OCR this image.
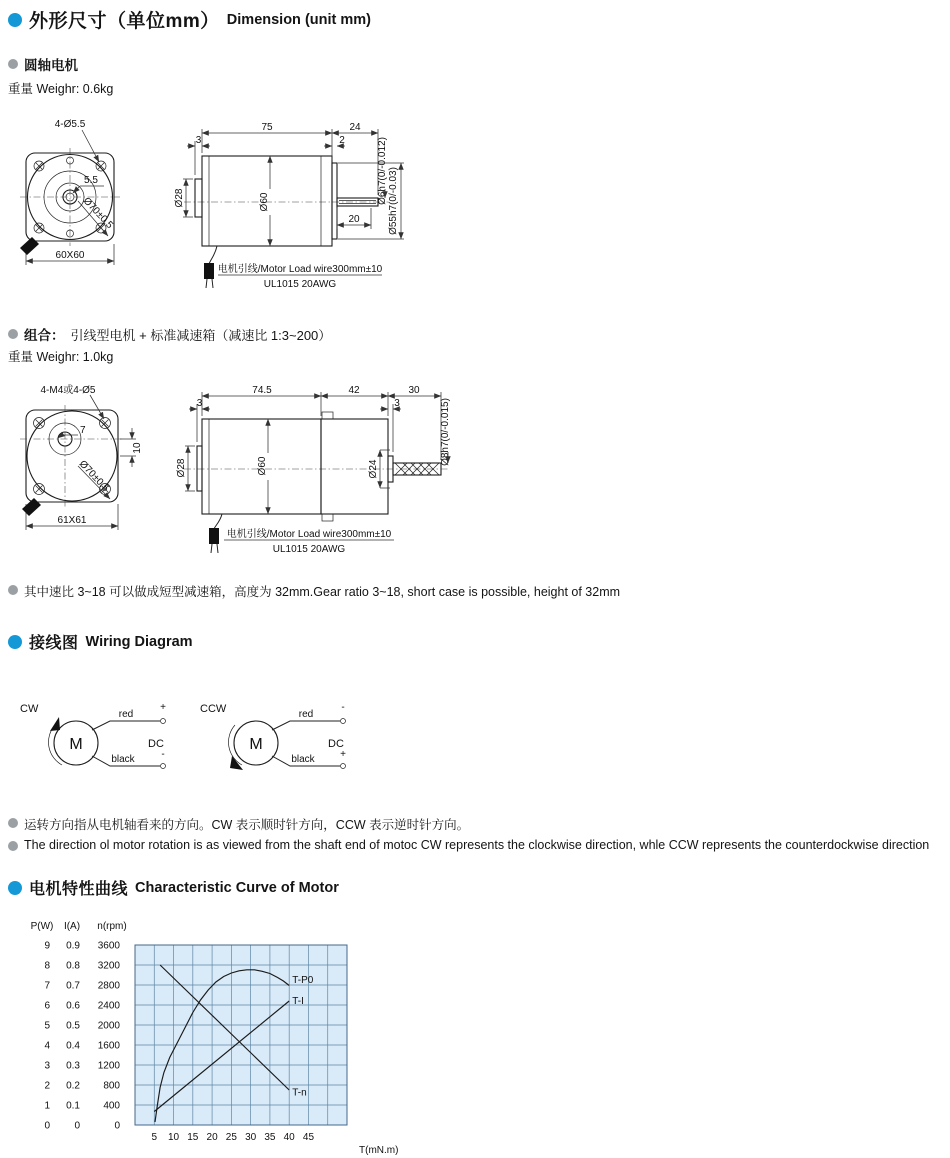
外形尺寸（单位mm） Dimension (unit mm)
圆轴电机
重量 Weighr: 0.6kg
4-Ø5.5
5.5
Ø70±0.5
60X60
75	24
3	2
Ø28	Ø60	Ø6h7(0/-0.012) Ø55h7(0/-0.03)
20
电机引线/Motor Load wire300mm±10
UL1015 20AWG
组合： 引线型电机 + 标准减速箱（减速比 1:3~200）
重量 Weighr: 1.0kg
4-M4或4-Ø5
7
10
Ø70±0.5
61X61
74.5	42	30
3	3
Ø28	Ø60	Ø24
Ø8h7(0/-0.015)
电机引线/Motor Load wire300mm±10
UL1015 20AWG
其中速比 3~18 可以做成短型减速箱，高度为 32mm.Gear ratio 3~18, short case is possible, height of 32mm
接线图 Wiring Diagram
CW
M
red
+
black	-
DC
CCW
M
red
-
black	+
DC
运转方向指从电机轴看来的方向。CW 表示顺时针方向，CCW 表示逆时针方向。
The direction ol motor rotation is as viewed from the shaft end of motoc CW represents the clockwise direction, whle CCW represents the counterdockwise direction
电机特性曲线 Characteristic Curve of Motor
P(W)
9
8
7
6
5
4
3
2
1
0
I(A)
0.9
0.8
0.7
0.6
0.5
0.4
0.3
0.2
0.1
0
n(rpm)
3600
3200
2800
2400
2000
1600
1200
800
400
0
5 10 15 20 25 30 35 40 45
T(mN.m)
T-P0
T-I
T-n
